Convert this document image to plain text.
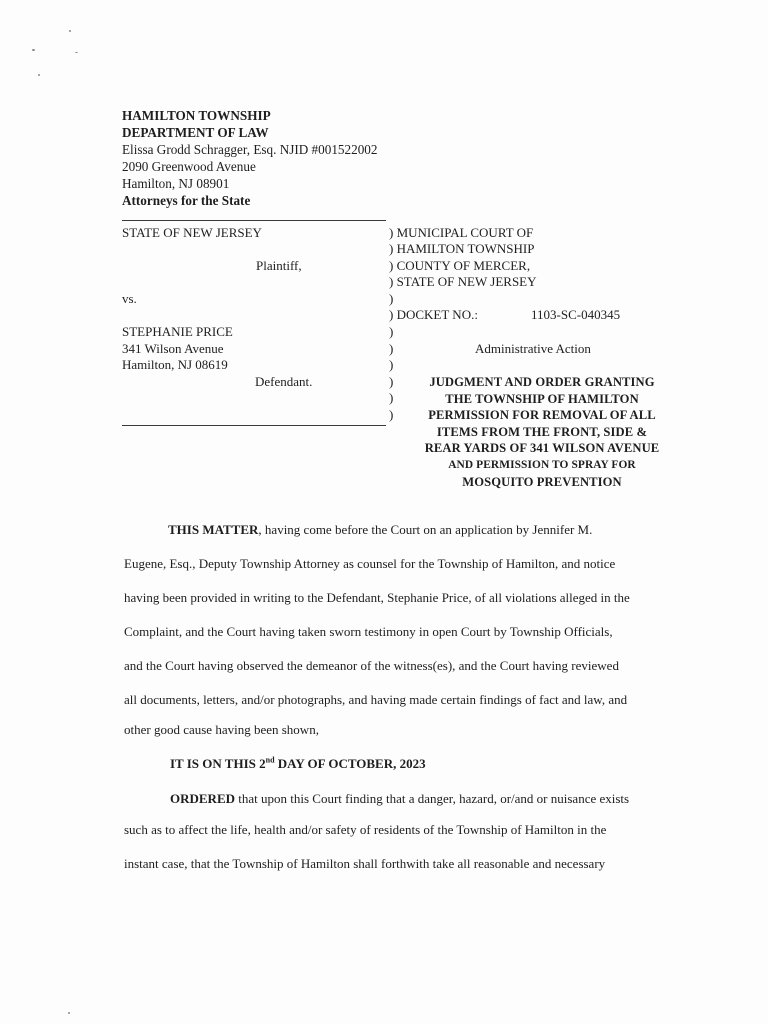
HAMILTON TOWNSHIP
DEPARTMENT OF LAW
Elissa Grodd Schragger, Esq. NJID #001522002
2090 Greenwood Avenue
Hamilton, NJ 08901
Attorneys for the State
STATE OF NEW JERSEY
Plaintiff,
vs.
STEPHANIE PRICE
341 Wilson Avenue
Hamilton, NJ 08619
Defendant.
) MUNICIPAL COURT OF
) HAMILTON TOWNSHIP
) COUNTY OF MERCER,
) STATE OF NEW JERSEY
)
) DOCKET NO.:	1103-SC-040345
)
)	Administrative Action
)
)
)
)
JUDGMENT AND ORDER GRANTING
THE TOWNSHIP OF HAMILTON
PERMISSION FOR REMOVAL OF ALL
ITEMS FROM THE FRONT, SIDE &
REAR YARDS OF 341 WILSON AVENUE
AND PERMISSION TO SPRAY FOR
MOSQUITO PREVENTION
THIS MATTER, having come before the Court on an application by Jennifer M.
Eugene, Esq., Deputy Township Attorney as counsel for the Township of Hamilton, and notice
having been provided in writing to the Defendant, Stephanie Price, of all violations alleged in the
Complaint, and the Court having taken sworn testimony in open Court by Township Officials,
and the Court having observed the demeanor of the witness(es), and the Court having reviewed
all documents, letters, and/or photographs, and having made certain findings of fact and law, and
other good cause having been shown,
IT IS ON THIS 2nd DAY OF OCTOBER, 2023
ORDERED that upon this Court finding that a danger, hazard, or/and or nuisance exists
such as to affect the life, health and/or safety of residents of the Township of Hamilton in the
instant case, that the Township of Hamilton shall forthwith take all reasonable and necessary
